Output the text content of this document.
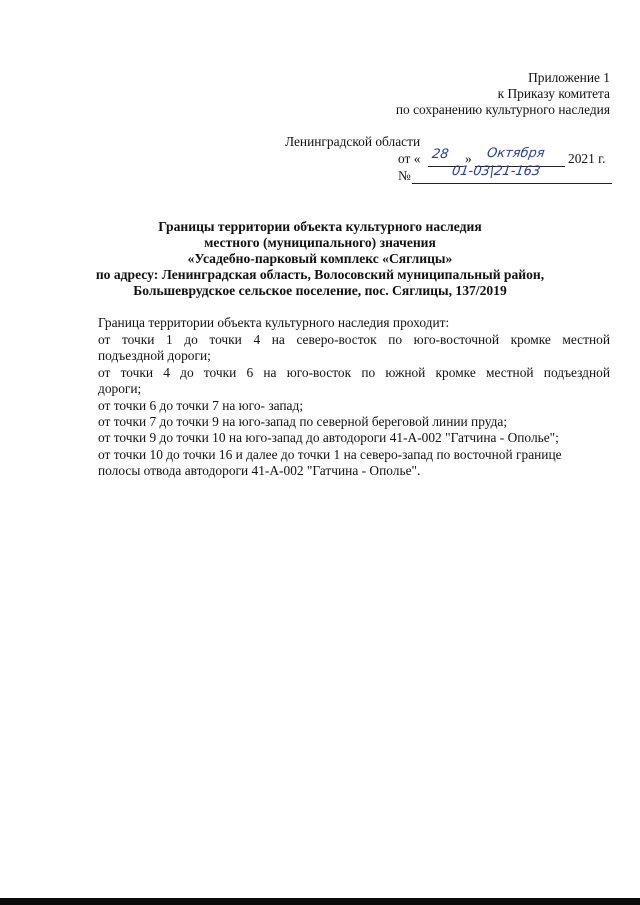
Приложение 1
к Приказу комитета
по сохранению культурного наследия
Ленинградской области
от « 28 » Октября 2021 г.
№	01-03|21-163
Границы территории объекта культурного наследия
местного (муниципального) значения
«Усадебно-парковый комплекс «Сяглицы»
по адресу: Ленинградская область, Волосовский муниципальный район,
Большеврудское сельское поселение, пос. Сяглицы, 137/2019
Граница территории объекта культурного наследия проходит:
от точки 1 до точки 4 на северо-восток по юго-восточной кромке местной
подъездной дороги;
от точки 4 до точки 6 на юго-восток по южной кромке местной подъездной
дороги;
от точки 6 до точки 7 на юго- запад;
от точки 7 до точки 9 на юго-запад по северной береговой линии пруда;
от точки 9 до точки 10 на юго-запад до автодороги 41-А-002 "Гатчина - Ополье";
от точки 10 до точки 16 и далее до точки 1 на северо-запад по восточной границе
полосы отвода автодороги 41-А-002 "Гатчина - Ополье".
